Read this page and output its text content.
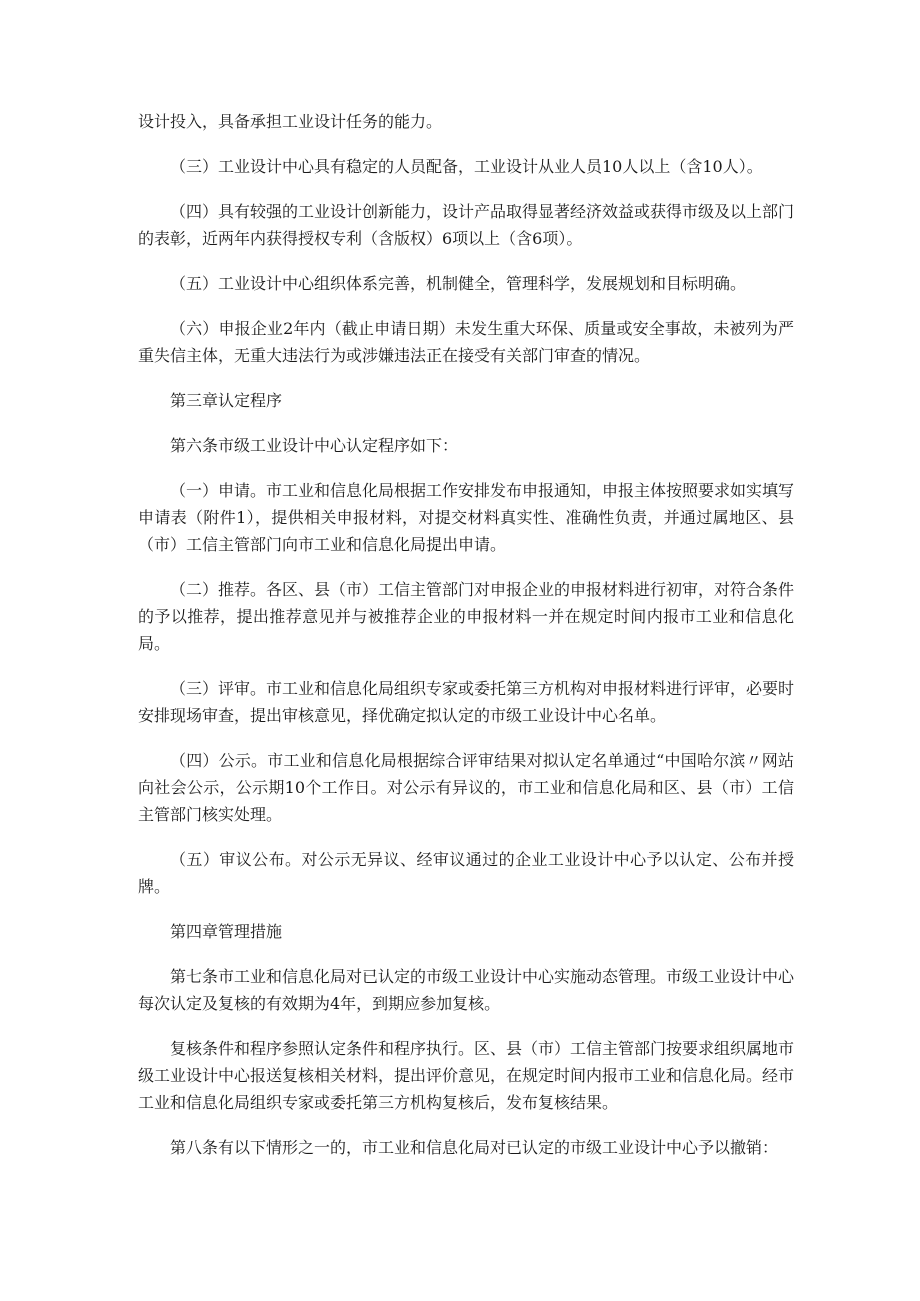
设计投入，具备承担工业设计任务的能力。

（三）工业设计中心具有稳定的人员配备，工业设计从业人员10人以上（含10人）。

（四）具有较强的工业设计创新能力，设计产品取得显著经济效益或获得市级及以上部门的表彰，近两年内获得授权专利（含版权）6项以上（含6项）。

（五）工业设计中心组织体系完善，机制健全，管理科学，发展规划和目标明确。

（六）申报企业2年内（截止申请日期）未发生重大环保、质量或安全事故，未被列为严重失信主体，无重大违法行为或涉嫌违法正在接受有关部门审查的情况。

第三章认定程序

第六条市级工业设计中心认定程序如下：

（一）申请。市工业和信息化局根据工作安排发布申报通知，申报主体按照要求如实填写申请表（附件1），提供相关申报材料，对提交材料真实性、准确性负责，并通过属地区、县（市）工信主管部门向市工业和信息化局提出申请。

（二）推荐。各区、县（市）工信主管部门对申报企业的申报材料进行初审，对符合条件的予以推荐，提出推荐意见并与被推荐企业的申报材料一并在规定时间内报市工业和信息化局。

（三）评审。市工业和信息化局组织专家或委托第三方机构对申报材料进行评审，必要时安排现场审查，提出审核意见，择优确定拟认定的市级工业设计中心名单。

（四）公示。市工业和信息化局根据综合评审结果对拟认定名单通过“中国哈尔滨〃网站向社会公示，公示期10个工作日。对公示有异议的，市工业和信息化局和区、县（市）工信主管部门核实处理。

（五）审议公布。对公示无异议、经审议通过的企业工业设计中心予以认定、公布并授牌。

第四章管理措施

第七条市工业和信息化局对已认定的市级工业设计中心实施动态管理。市级工业设计中心每次认定及复核的有效期为4年，到期应参加复核。

复核条件和程序参照认定条件和程序执行。区、县（市）工信主管部门按要求组织属地市级工业设计中心报送复核相关材料，提出评价意见，在规定时间内报市工业和信息化局。经市工业和信息化局组织专家或委托第三方机构复核后，发布复核结果。

第八条有以下情形之一的，市工业和信息化局对已认定的市级工业设计中心予以撤销：
